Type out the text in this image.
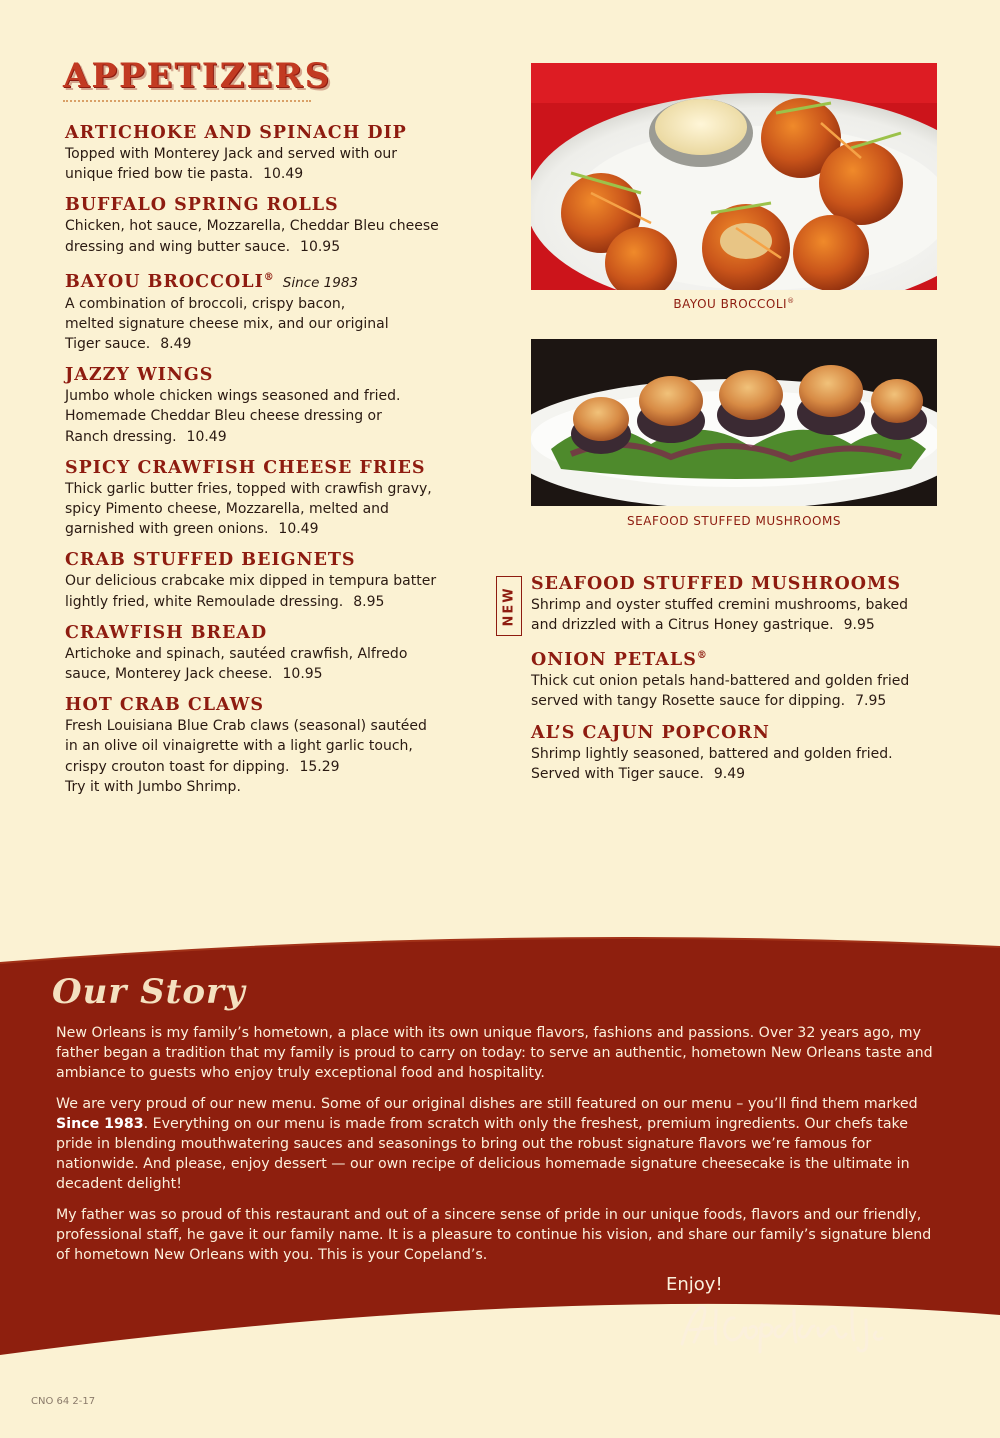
APPETIZERS
ARTICHOKE AND SPINACH DIP

Topped with Monterey Jack and served with our
unique fried bow tie pasta. 10.49

BUFFALO SPRING ROLLS

Chicken, hot sauce, Mozzarella, Cheddar Bleu cheese
dressing and wing butter sauce. 10.95

BAYOU BROCCOLI® Since 1983

A combination of broccoli, crispy bacon,
melted signature cheese mix, and our original
Tiger sauce. 8.49

JAZZY WINGS

Jumbo whole chicken wings seasoned and fried.
Homemade Cheddar Bleu cheese dressing or
Ranch dressing. 10.49

SPICY CRAWFISH CHEESE FRIES

Thick garlic butter fries, topped with crawfish gravy,
spicy Pimento cheese, Mozzarella, melted and
garnished with green onions. 10.49

CRAB STUFFED BEIGNETS

Our delicious crabcake mix dipped in tempura batter
lightly fried, white Remoulade dressing. 8.95

CRAWFISH BREAD

Artichoke and spinach, sautéed crawfish, Alfredo
sauce, Monterey Jack cheese. 10.95

HOT CRAB CLAWS

Fresh Louisiana Blue Crab claws (seasonal) sautéed
in an olive oil vinaigrette with a light garlic touch,
crispy crouton toast for dipping. 15.29
Try it with Jumbo Shrimp.

BAYOU BROCCOLI®

SEAFOOD STUFFED MUSHROOMS

NEW
SEAFOOD STUFFED MUSHROOMS

Shrimp and oyster stuffed cremini mushrooms, baked
and drizzled with a Citrus Honey gastrique. 9.95

ONION PETALS®

Thick cut onion petals hand-battered and golden fried
served with tangy Rosette sauce for dipping. 7.95

AL’S CAJUN POPCORN

Shrimp lightly seasoned, battered and golden fried.
Served with Tiger sauce. 9.49

Our Story

New Orleans is my family’s hometown, a place with its own unique flavors, fashions and passions. Over 32 years ago, my father began a tradition that my family is proud to carry on today: to serve an authentic, hometown New Orleans taste and ambiance to guests who enjoy truly exceptional food and hospitality.

We are very proud of our new menu. Some of our original dishes are still featured on our menu – you’ll find them marked Since 1983. Everything on our menu is made from scratch with only the freshest, premium ingredients. Our chefs take pride in blending mouthwatering sauces and seasonings to bring out the robust signature flavors we’re famous for nationwide. And please, enjoy dessert — our own recipe of delicious homemade signature cheesecake is the ultimate in decadent delight!

My father was so proud of this restaurant and out of a sincere sense of pride in our unique foods, flavors and our friendly, professional staff, he gave it our family name. It is a pleasure to continue his vision, and share our family’s signature blend of hometown New Orleans with you. This is your Copeland’s.

Enjoy!

CNO 64 2-17
